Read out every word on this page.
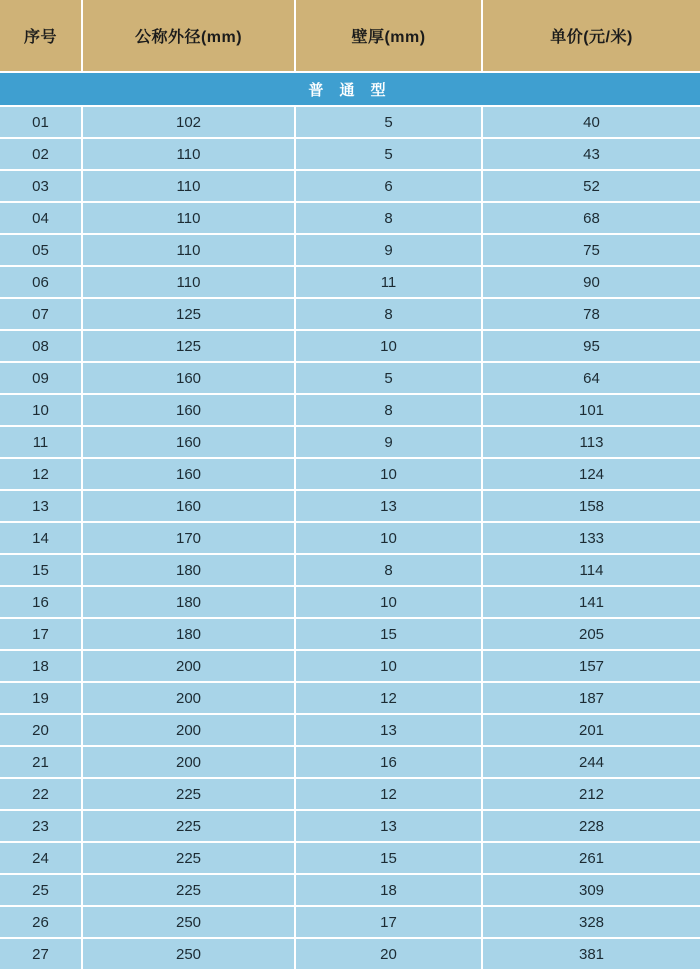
序号	公称外径(mm)	壁厚(mm)	单价(元/米)
普 通 型			
01	102	5	40
02	110	5	43
03	110	6	52
04	110	8	68
05	110	9	75
06	110	11	90
07	125	8	78
08	125	10	95
09	160	5	64
10	160	8	101
11	160	9	113
12	160	10	124
13	160	13	158
14	170	10	133
15	180	8	114
16	180	10	141
17	180	15	205
18	200	10	157
19	200	12	187
20	200	13	201
21	200	16	244
22	225	12	212
23	225	13	228
24	225	15	261
25	225	18	309
26	250	17	328
27	250	20	381
